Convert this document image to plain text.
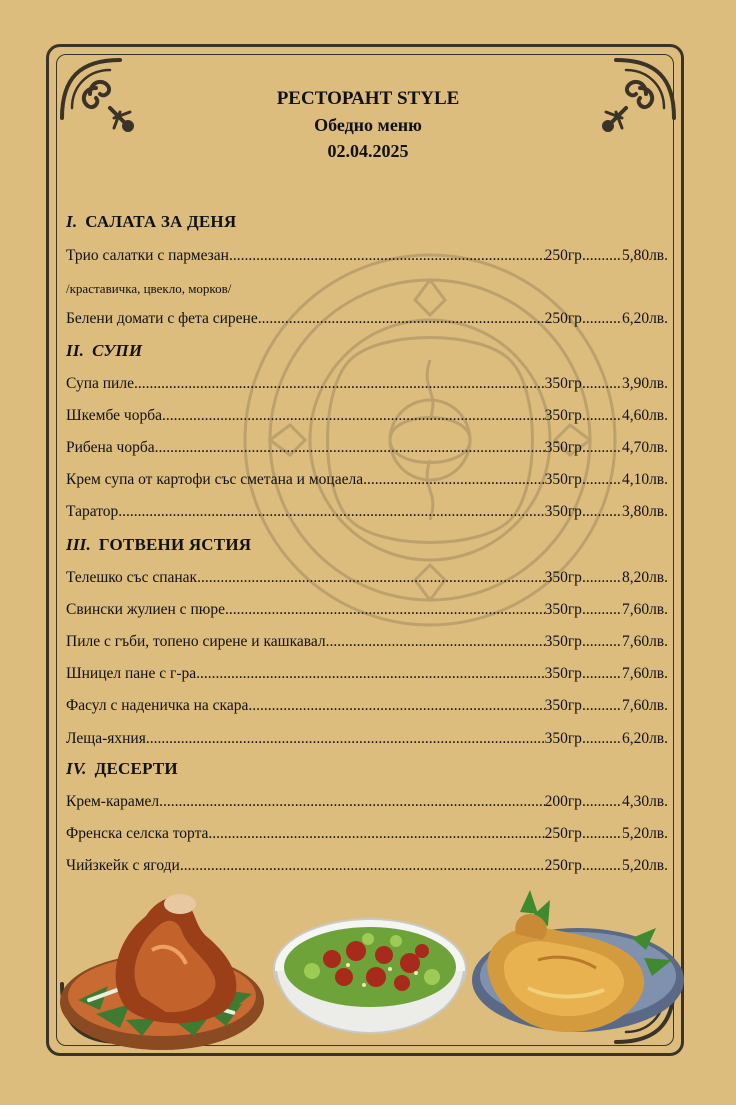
РЕСТОРАНТ STYLE
Обедно меню
02.04.2025
I. САЛАТА ЗА ДЕНЯ
Трио салатки с пармезан .....	250гр .....	5,80лв.
/краставичка, цвекло, морков/
Белени домати с фета сирене .....	250гр .....	6,20лв.
II. СУПИ
Супа пиле .....	350гр .....	3,90лв.
Шкембе чорба .....	350гр .....	4,60лв.
Рибена чорба .....	350гр .....	4,70лв.
Крем супа от картофи със сметана и моцаела .....	350гр .....	4,10лв.
Таратор .....	350гр .....	3,80лв.
III. ГОТВЕНИ ЯСТИЯ
Телешко със спанак .....	350гр .....	8,20лв.
Свински жулиен с пюре .....	350гр .....	7,60лв.
Пиле с гъби, топено сирене и кашкавал .....	350гр .....	7,60лв.
Шницел пане с г-ра .....	350гр .....	7,60лв.
Фасул с наденичка на скара .....	350гр .....	7,60лв.
Леща-яхния .....	350гр .....	6,20лв.
IV. ДЕСЕРТИ
Крем-карамел .....	200гр .....	4,30лв.
Френска селска торта .....	250гр .....	5,20лв.
Чийзкейк с ягоди .....	250гр .....	5,20лв.
